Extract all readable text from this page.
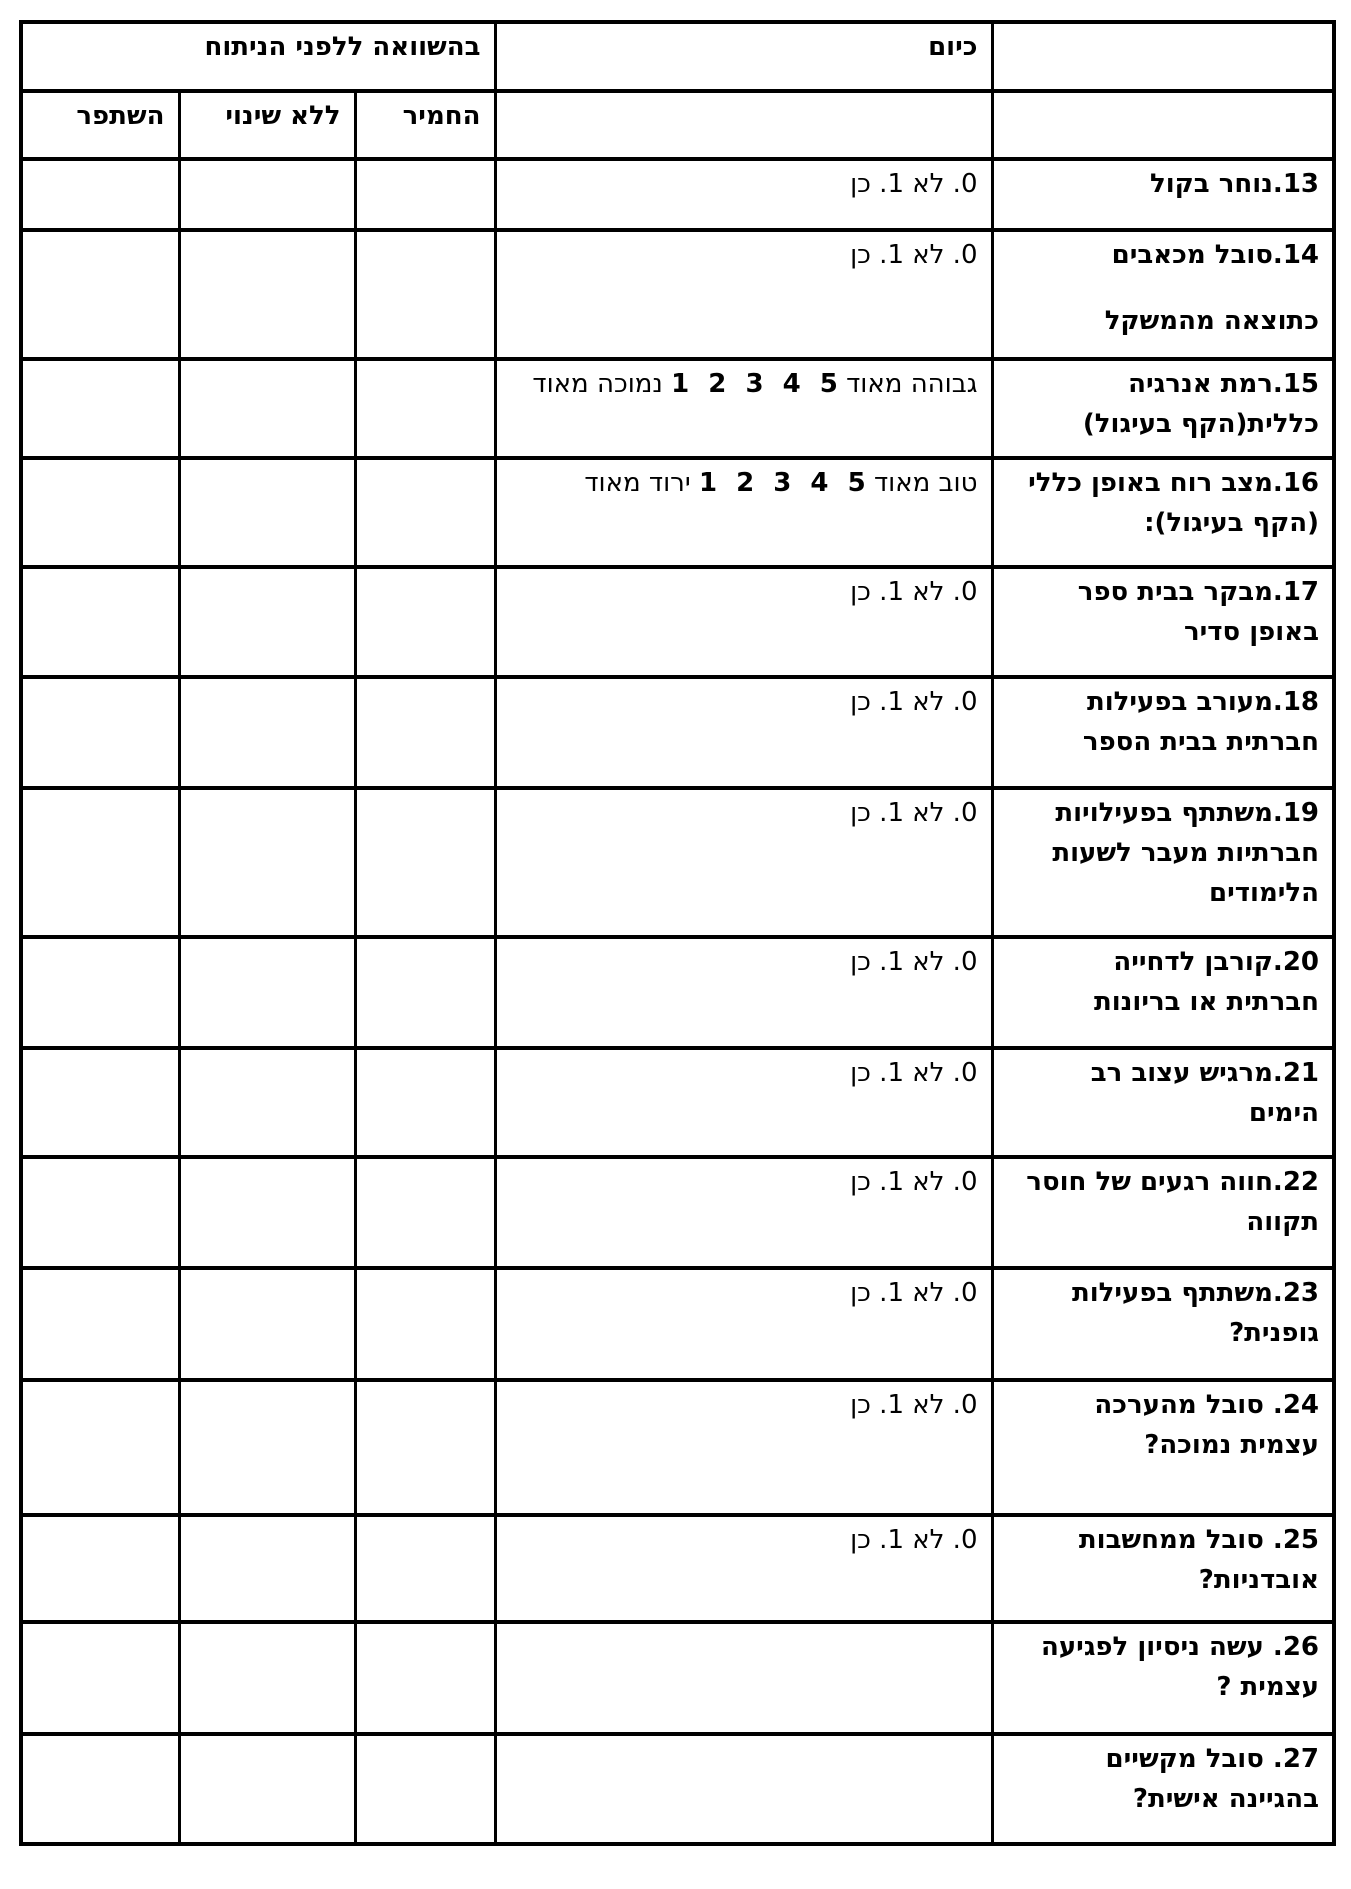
	כיום	בהשוואה ללפני הניתוח		
		החמיר	ללא שינוי	השתפר

13.נוחר בקול	0. לא 1. כן			

14.סובל מכאבים
כתוצאה מהמשקל	0. לא 1. כן			

15.רמת אנרגיה
כללית(הקף בעיגול)	גבוהה מאוד 5 4 3 2 1 נמוכה מאוד			

16.מצב רוח באופן כללי
(הקף בעיגול):	טוב מאוד 5 4 3 2 1 ירוד מאוד			

17.מבקר בבית ספר
באופן סדיר	0. לא 1. כן			

18.מעורב בפעילות
חברתית בבית הספר	0. לא 1. כן			

19.משתתף בפעילויות
חברתיות מעבר לשעות
הלימודים	0. לא 1. כן			

20.קורבן לדחייה
חברתית או בריונות	0. לא 1. כן			

21.מרגיש עצוב רב
הימים	0. לא 1. כן			

22.חווה רגעים של חוסר
תקווה	0. לא 1. כן			

23.משתתף בפעילות
גופנית?	0. לא 1. כן			

24. סובל מהערכה
עצמית נמוכה?	0. לא 1. כן			

25. סובל ממחשבות
אובדניות?	0. לא 1. כן			

26. עשה ניסיון לפגיעה
עצמית ?				

27. סובל מקשיים
בהגיינה אישית?				
